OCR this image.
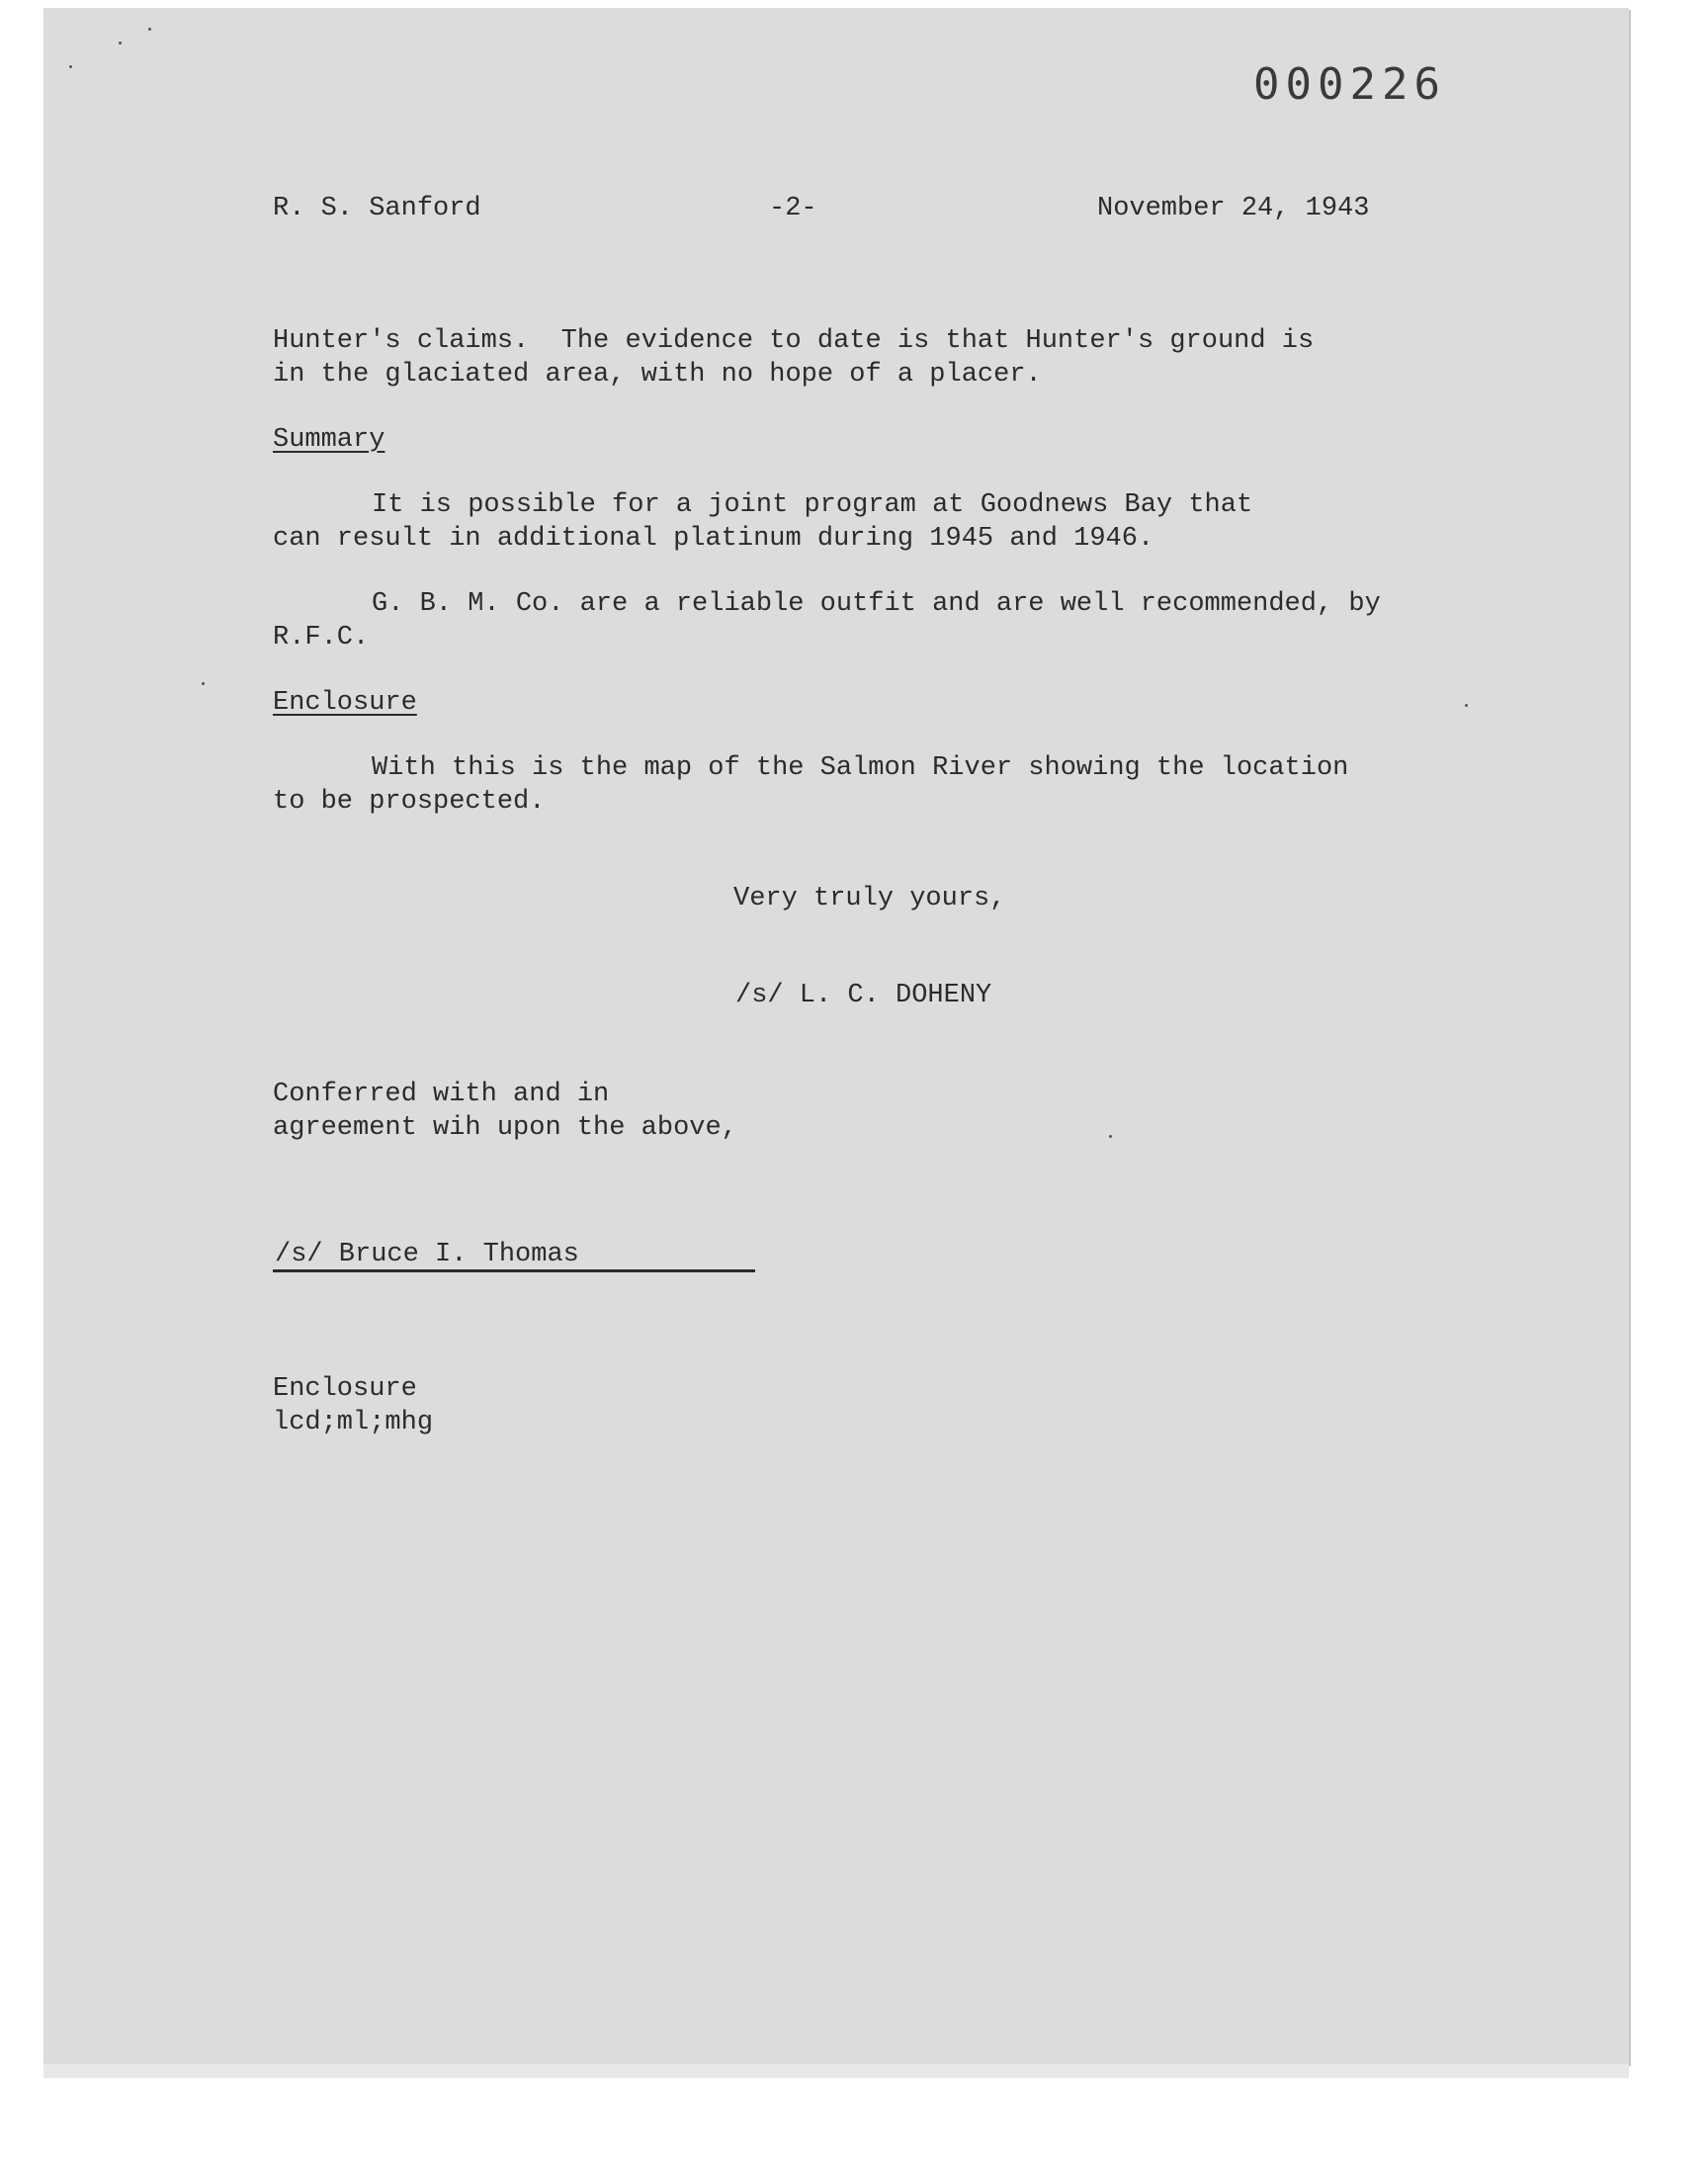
000226
R. S. Sanford	-2-	November 24, 1943
Hunter's claims.  The evidence to date is that Hunter's ground is
in the glaciated area, with no hope of a placer.
Summary
It is possible for a joint program at Goodnews Bay that
can result in additional platinum during 1945 and 1946.
G. B. M. Co. are a reliable outfit and are well recommended, by
R.F.C.
Enclosure
With this is the map of the Salmon River showing the location
to be prospected.
Very truly yours,
/s/ L. C. DOHENY
Conferred with and in
agreement wih upon the above,
/s/ Bruce I. Thomas
Enclosure
lcd;ml;mhg
